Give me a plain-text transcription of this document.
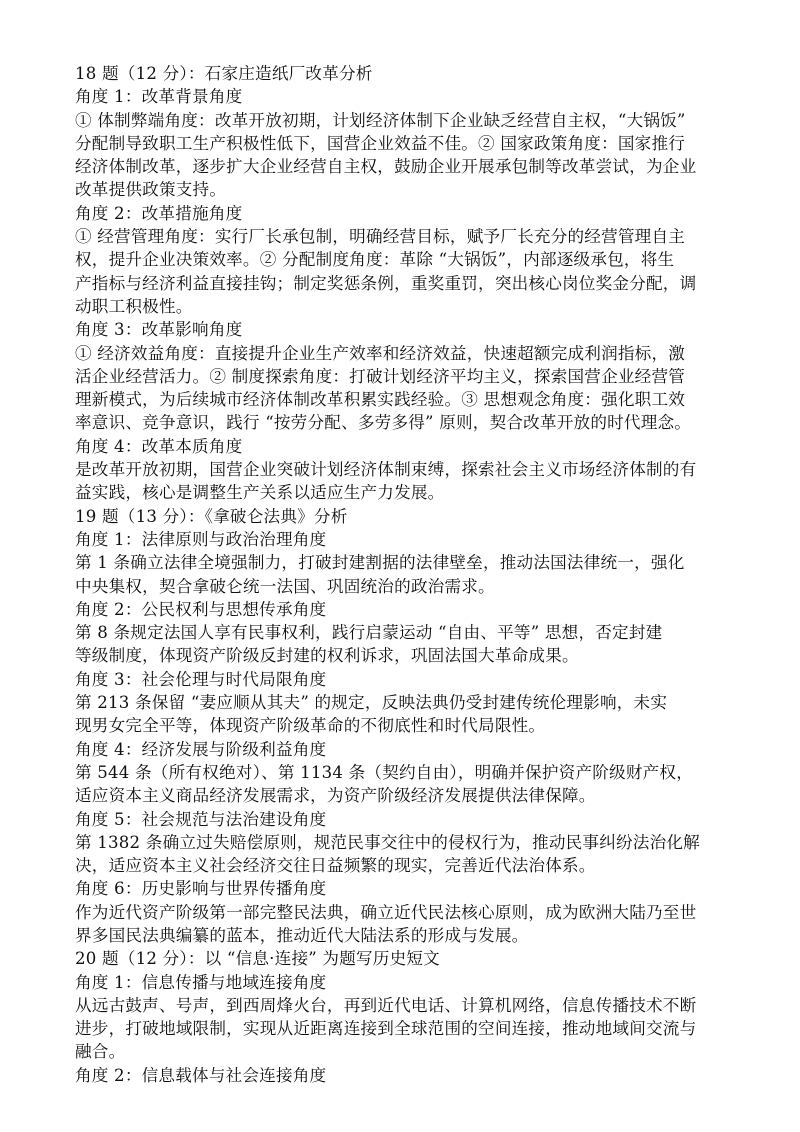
18 题（12 分）：石家庄造纸厂改革分析
角度 1：改革背景角度
① 体制弊端角度：改革开放初期，计划经济体制下企业缺乏经营自主权，“大锅饭”
分配制导致职工生产积极性低下，国营企业效益不佳。② 国家政策角度：国家推行
经济体制改革，逐步扩大企业经营自主权，鼓励企业开展承包制等改革尝试，为企业
改革提供政策支持。
角度 2：改革措施角度
① 经营管理角度：实行厂长承包制，明确经营目标，赋予厂长充分的经营管理自主
权，提升企业决策效率。② 分配制度角度：革除 “大锅饭”，内部逐级承包，将生
产指标与经济利益直接挂钩；制定奖惩条例，重奖重罚，突出核心岗位奖金分配，调
动职工积极性。
角度 3：改革影响角度
① 经济效益角度：直接提升企业生产效率和经济效益，快速超额完成利润指标，激
活企业经营活力。② 制度探索角度：打破计划经济平均主义，探索国营企业经营管
理新模式，为后续城市经济体制改革积累实践经验。③ 思想观念角度：强化职工效
率意识、竞争意识，践行 “按劳分配、多劳多得” 原则，契合改革开放的时代理念。
角度 4：改革本质角度
是改革开放初期，国营企业突破计划经济体制束缚，探索社会主义市场经济体制的有
益实践，核心是调整生产关系以适应生产力发展。
19 题（13 分）：《拿破仑法典》分析
角度 1：法律原则与政治治理角度
第 1 条确立法律全境强制力，打破封建割据的法律壁垒，推动法国法律统一，强化
中央集权，契合拿破仑统一法国、巩固统治的政治需求。
角度 2：公民权利与思想传承角度
第 8 条规定法国人享有民事权利，践行启蒙运动 “自由、平等” 思想，否定封建
等级制度，体现资产阶级反封建的权利诉求，巩固法国大革命成果。
角度 3：社会伦理与时代局限角度
第 213 条保留 “妻应顺从其夫” 的规定，反映法典仍受封建传统伦理影响，未实
现男女完全平等，体现资产阶级革命的不彻底性和时代局限性。
角度 4：经济发展与阶级利益角度
第 544 条（所有权绝对）、第 1134 条（契约自由），明确并保护资产阶级财产权，
适应资本主义商品经济发展需求，为资产阶级经济发展提供法律保障。
角度 5：社会规范与法治建设角度
第 1382 条确立过失赔偿原则，规范民事交往中的侵权行为，推动民事纠纷法治化解
决，适应资本主义社会经济交往日益频繁的现实，完善近代法治体系。
角度 6：历史影响与世界传播角度
作为近代资产阶级第一部完整民法典，确立近代民法核心原则，成为欧洲大陆乃至世
界多国民法典编纂的蓝本，推动近代大陆法系的形成与发展。
20 题（12 分）：以 “信息·连接” 为题写历史短文
角度 1：信息传播与地域连接角度
从远古鼓声、号声，到西周烽火台，再到近代电话、计算机网络，信息传播技术不断
进步，打破地域限制，实现从近距离连接到全球范围的空间连接，推动地域间交流与
融合。
角度 2：信息载体与社会连接角度
